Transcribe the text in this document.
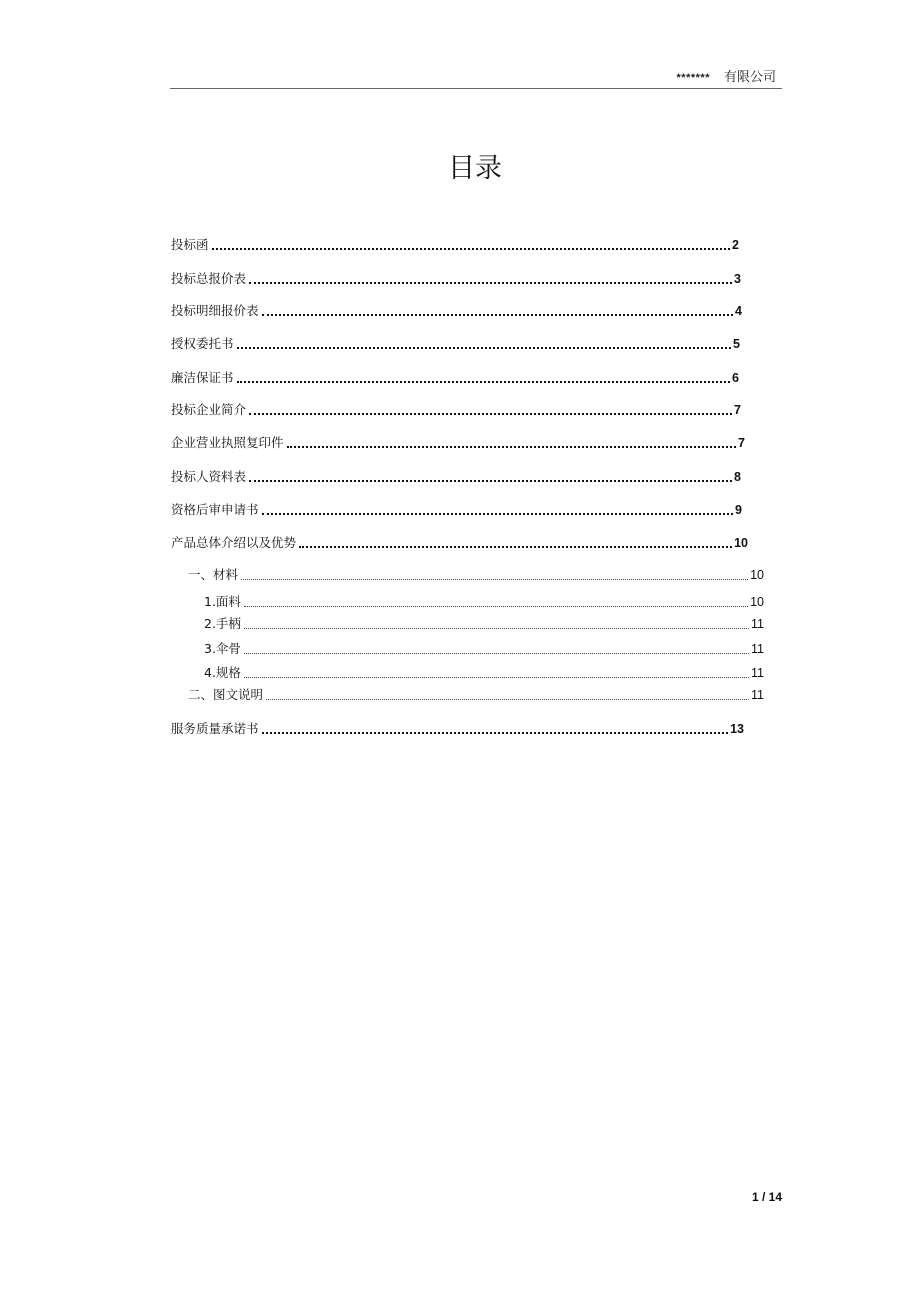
******* 有限公司
目录
投标函	2
投标总报价表	3
投标明细报价表	4
授权委托书	5
廉洁保证书	6
投标企业简介	7
企业营业执照复印件	7
投标人资料表	8
资格后审申请书	9
产品总体介绍以及优势	10
一、材料	10
1.面料	10
2.手柄	11
3.伞骨	11
4.规格	11
二、图文说明	11
服务质量承诺书	13
1 / 14
